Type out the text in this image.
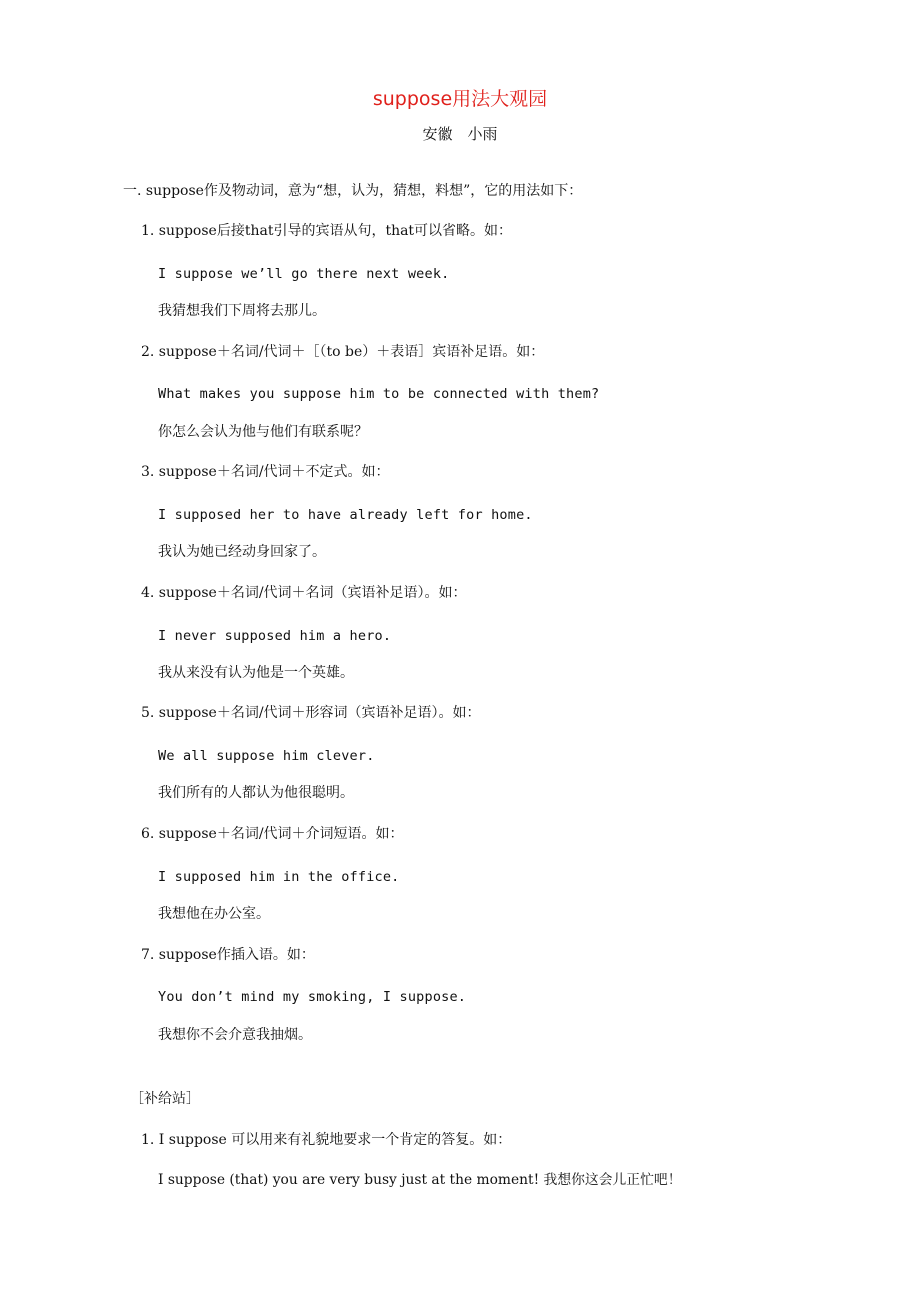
suppose用法大观园
安徽　小雨
一. suppose作及物动词，意为“想，认为，猜想，料想”，它的用法如下：
1. suppose后接that引导的宾语从句，that可以省略。如：
I suppose we’ll go there next week.
我猜想我们下周将去那儿。
2. suppose＋名词/代词＋［（to be）＋表语］宾语补足语。如：
What makes you suppose him to be connected with them?
你怎么会认为他与他们有联系呢？
3. suppose＋名词/代词＋不定式。如：
I supposed her to have already left for home.
我认为她已经动身回家了。
4. suppose＋名词/代词＋名词（宾语补足语）。如：
I never supposed him a hero.
我从来没有认为他是一个英雄。
5. suppose＋名词/代词＋形容词（宾语补足语）。如：
We all suppose him clever.
我们所有的人都认为他很聪明。
6. suppose＋名词/代词＋介词短语。如：
I supposed him in the office.
我想他在办公室。
7. suppose作插入语。如：
You don’t mind my smoking, I suppose.
我想你不会介意我抽烟。
［补给站］
1. I suppose 可以用来有礼貌地要求一个肯定的答复。如：
I suppose (that) you are very busy just at the moment! 我想你这会儿正忙吧！
